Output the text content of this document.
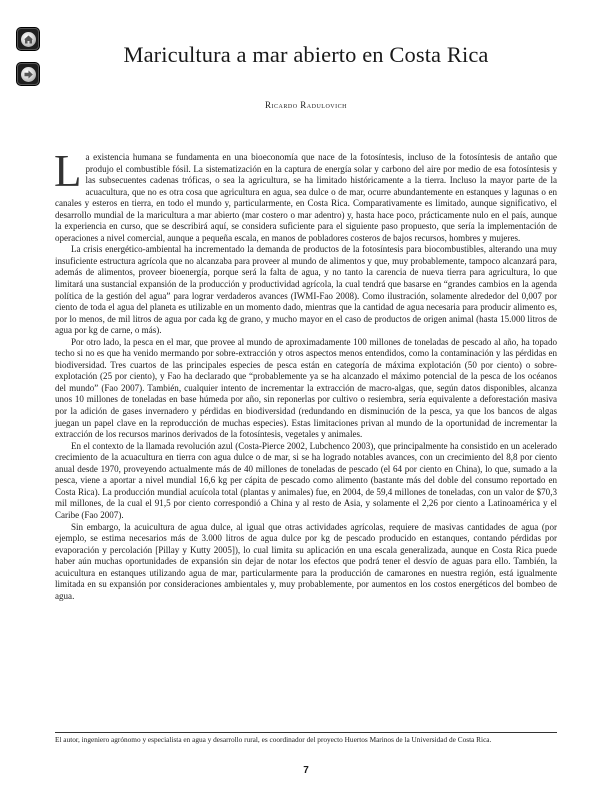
Maricultura a mar abierto en Costa Rica
Ricardo Radulovich

La existencia humana se fundamenta en una bioeconomía que nace de la fotosíntesis, incluso de la fotosíntesis de antaño que produjo el combustible fósil. La sistematización en la captura de energía solar y carbono del aire por medio de esa fotosíntesis y las subsecuentes cadenas tróficas, o sea la agricultura, se ha limitado históricamente a la tierra. Incluso la mayor parte de la acuacultura, que no es otra cosa que agricultura en agua, sea dulce o de mar, ocurre abundantemente en estanques y lagunas o en canales y esteros en tierra, en todo el mundo y, particularmente, en Costa Rica. Comparativamente es limitado, aunque significativo, el desarrollo mundial de la maricultura a mar abierto (mar costero o mar adentro) y, hasta hace poco, prácticamente nulo en el país, aunque la experiencia en curso, que se describirá aquí, se considera suficiente para el siguiente paso propuesto, que sería la implementación de operaciones a nivel comercial, aunque a pequeña escala, en manos de pobladores costeros de bajos recursos, hombres y mujeres.

La crisis energético-ambiental ha incrementado la demanda de productos de la fotosíntesis para biocombustibles, alterando una muy insuficiente estructura agrícola que no alcanzaba para proveer al mundo de alimentos y que, muy probablemente, tampoco alcanzará para, además de alimentos, proveer bioenergía, porque será la falta de agua, y no tanto la carencia de nueva tierra para agricultura, lo que limitará una sustancial expansión de la producción y productividad agrícola, la cual tendrá que basarse en “grandes cambios en la agenda política de la gestión del agua” para lograr verdaderos avances (IWMI-Fao 2008). Como ilustración, solamente alrededor del 0,007 por ciento de toda el agua del planeta es utilizable en un momento dado, mientras que la cantidad de agua necesaria para producir alimento es, por lo menos, de mil litros de agua por cada kg de grano, y mucho mayor en el caso de productos de origen animal (hasta 15.000 litros de agua por kg de carne, o más).

Por otro lado, la pesca en el mar, que provee al mundo de aproximadamente 100 millones de toneladas de pescado al año, ha topado techo si no es que ha venido mermando por sobre-extracción y otros aspectos menos entendidos, como la contaminación y las pérdidas en biodiversidad. Tres cuartos de las principales especies de pesca están en categoría de máxima explotación (50 por ciento) o sobre-explotación (25 por ciento), y Fao ha declarado que “probablemente ya se ha alcanzado el máximo potencial de la pesca de los océanos del mundo” (Fao 2007). También, cualquier intento de incrementar la extracción de macro-algas, que, según datos disponibles, alcanza unos 10 millones de toneladas en base húmeda por año, sin reponerlas por cultivo o resiembra, sería equivalente a deforestación masiva por la adición de gases invernadero y pérdidas en biodiversidad (redundando en disminución de la pesca, ya que los bancos de algas juegan un papel clave en la reproducción de muchas especies). Estas limitaciones privan al mundo de la oportunidad de incrementar la extracción de los recursos marinos derivados de la fotosíntesis, vegetales y animales.

En el contexto de la llamada revolución azul (Costa-Pierce 2002, Lubchenco 2003), que principalmente ha consistido en un acelerado crecimiento de la acuacultura en tierra con agua dulce o de mar, si se ha logrado notables avances, con un crecimiento del 8,8 por ciento anual desde 1970, proveyendo actualmente más de 40 millones de toneladas de pescado (el 64 por ciento en China), lo que, sumado a la pesca, viene a aportar a nivel mundial 16,6 kg per cápita de pescado como alimento (bastante más del doble del consumo reportado en Costa Rica). La producción mundial acuícola total (plantas y animales) fue, en 2004, de 59,4 millones de toneladas, con un valor de $70,3 mil millones, de la cual el 91,5 por ciento correspondió a China y al resto de Asia, y solamente el 2,26 por ciento a Latinoamérica y el Caribe (Fao 2007).

Sin embargo, la acuicultura de agua dulce, al igual que otras actividades agrícolas, requiere de masivas cantidades de agua (por ejemplo, se estima necesarios más de 3.000 litros de agua dulce por kg de pescado producido en estanques, contando pérdidas por evaporación y percolación [Pillay y Kutty 2005]), lo cual limita su aplicación en una escala generalizada, aunque en Costa Rica puede haber aún muchas oportunidades de expansión sin dejar de notar los efectos que podrá tener el desvío de aguas para ello. También, la acuicultura en estanques utilizando agua de mar, particularmente para la producción de camarones en nuestra región, está igualmente limitada en su expansión por consideraciones ambientales y, muy probablemente, por aumentos en los costos energéticos del bombeo de agua.

El autor, ingeniero agrónomo y especialista en agua y desarrollo rural, es coordinador del proyecto Huertos Marinos de la Universidad de Costa Rica.
7
